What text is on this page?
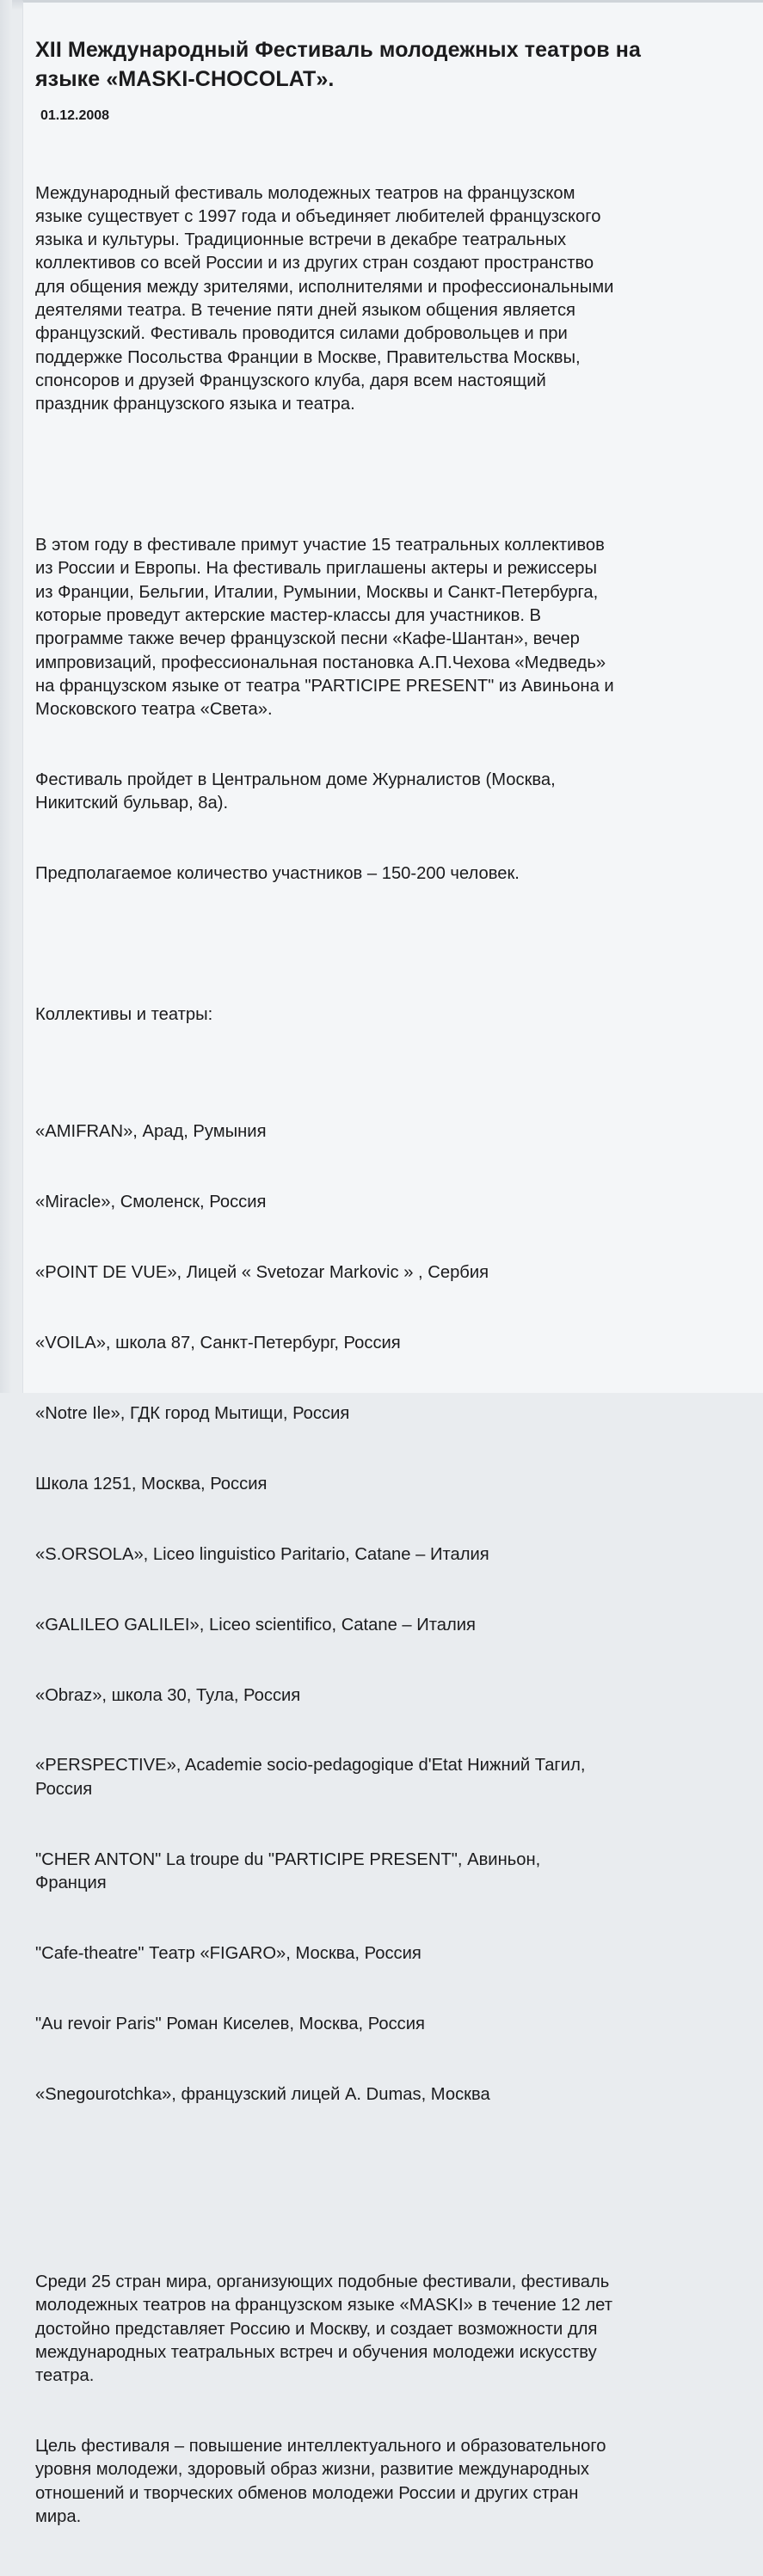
XII Международный Фестиваль молодежных театров на
языке «MASKI-CHOCOLAT».

01.12.2008

Международный фестиваль молодежных театров на французском
языке существует с 1997 года и объединяет любителей французского
языка и культуры. Традиционные встречи в декабре театральных
коллективов со всей России и из других стран создают пространство
для общения между зрителями, исполнителями и профессиональными
деятелями театра. В течение пяти дней языком общения является
французский. Фестиваль проводится силами добровольцев и при
поддержке Посольства Франции в Москве, Правительства Москвы,
спонсоров и друзей Французского клуба, даря всем настоящий
праздник французского языка и театра.

В этом году в фестивале примут участие 15 театральных коллективов
из России и Европы. На фестиваль приглашены актеры и режиссеры
из Франции, Бельгии, Италии, Румынии, Москвы и Санкт-Петербурга,
которые проведут актерские мастер-классы для участников. В
программе также вечер французской песни «Кафе-Шантан», вечер
импровизаций, профессиональная постановка А.П.Чехова «Медведь»
на французском языке от театра "PARTICIPE PRESENT" из Авиньона и
Московского театра «Света».

Фестиваль пройдет в Центральном доме Журналистов (Москва,
Никитский бульвар, 8а).

Предполагаемое количество участников – 150-200 человек.

Коллективы и театры:

«AMIFRAN», Арад, Румыния

«Miracle», Смоленск, Россия

«POINT DE VUE», Лицей « Svetozar Markovic » , Сербия

«VOILA», школа 87, Санкт-Петербург, Россия

«Notre Ile», ГДК город Мытищи, Россия

Школа 1251, Москва, Россия

«S.ORSOLA», Liceo linguistico Paritario, Catane – Италия

«GALILEO GALILEI», Liceo scientifico, Catane – Италия

«Obraz», школа 30, Тула, Россия

«PERSPECTIVE», Academie socio-pedagogique d'Etat Нижний Тагил,
Россия

"CHER ANTON" La troupe du "PARTICIPE PRESENT", Авиньон,
Франция

"Cafe-theatre" Театр «FIGARO», Москва, Россия

"Au revoir Paris" Роман Киселев, Москва, Россия

«Snegourotchka», французский лицей A. Dumas, Москва

Среди 25 стран мира, организующих подобные фестивали, фестиваль
молодежных театров на французском языке «MASKI» в течение 12 лет
достойно представляет Россию и Москву, и создает возможности для
международных театральных встреч и обучения молодежи искусству
театра.

Цель фестиваля – повышение интеллектуального и образовательного
уровня молодежи, здоровый образ жизни, развитие международных
отношений и творческих обменов молодежи России и других стран
мира.
